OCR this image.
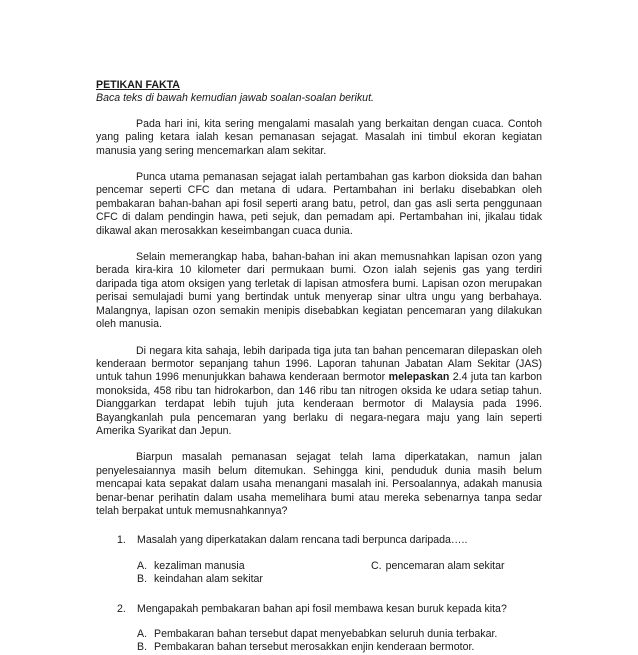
PETIKAN FAKTA

Baca teks di bawah kemudian jawab soalan-soalan berikut.

Pada hari ini, kita sering mengalami masalah yang berkaitan dengan cuaca. Contoh yang paling ketara ialah kesan pemanasan sejagat. Masalah ini timbul ekoran kegiatan manusia yang sering mencemarkan alam sekitar.

Punca utama pemanasan sejagat ialah pertambahan gas karbon dioksida dan bahan pencemar seperti CFC dan metana di udara. Pertambahan ini berlaku disebabkan oleh pembakaran bahan-bahan api fosil seperti arang batu, petrol, dan gas asli serta penggunaan CFC di dalam pendingin hawa, peti sejuk, dan pemadam api. Pertambahan ini, jikalau tidak dikawal akan merosakkan keseimbangan cuaca dunia.

Selain memerangkap haba, bahan-bahan ini akan memusnahkan lapisan ozon yang berada kira-kira 10 kilometer dari permukaan bumi. Ozon ialah sejenis gas yang terdiri daripada tiga atom oksigen yang terletak di lapisan atmosfera bumi. Lapisan ozon merupakan perisai semulajadi bumi yang bertindak untuk menyerap sinar ultra ungu yang berbahaya. Malangnya, lapisan ozon semakin menipis disebabkan kegiatan pencemaran yang dilakukan oleh manusia.

Di negara kita sahaja, lebih daripada tiga juta tan bahan pencemaran dilepaskan oleh kenderaan bermotor sepanjang tahun 1996. Laporan tahunan Jabatan Alam Sekitar (JAS) untuk tahun 1996 menunjukkan bahawa kenderaan bermotor melepaskan 2.4 juta tan karbon monoksida, 458 ribu tan hidrokarbon, dan 146 ribu tan nitrogen oksida ke udara setiap tahun. Dianggarkan terdapat lebih tujuh juta kenderaan bermotor di Malaysia pada 1996. Bayangkanlah pula pencemaran yang berlaku di negara-negara maju yang lain seperti Amerika Syarikat dan Jepun.

Biarpun masalah pemanasan sejagat telah lama diperkatakan, namun jalan penyelesaiannya masih belum ditemukan. Sehingga kini, penduduk dunia masih belum mencapai kata sepakat dalam usaha menangani masalah ini. Persoalannya, adakah manusia benar-benar perihatin dalam usaha memelihara bumi atau mereka sebenarnya tanpa sedar telah berpakat untuk memusnahkannya?

1.	Masalah yang diperkatakan dalam rencana tadi berpunca daripada…..
A. kezaliman manusia	C. pencemaran alam sekitar
B. keindahan alam sekitar
2.	Mengapakah pembakaran bahan api fosil membawa kesan buruk kepada kita?
A. Pembakaran bahan tersebut dapat menyebabkan seluruh dunia terbakar.
B. Pembakaran bahan tersebut merosakkan enjin kenderaan bermotor.
